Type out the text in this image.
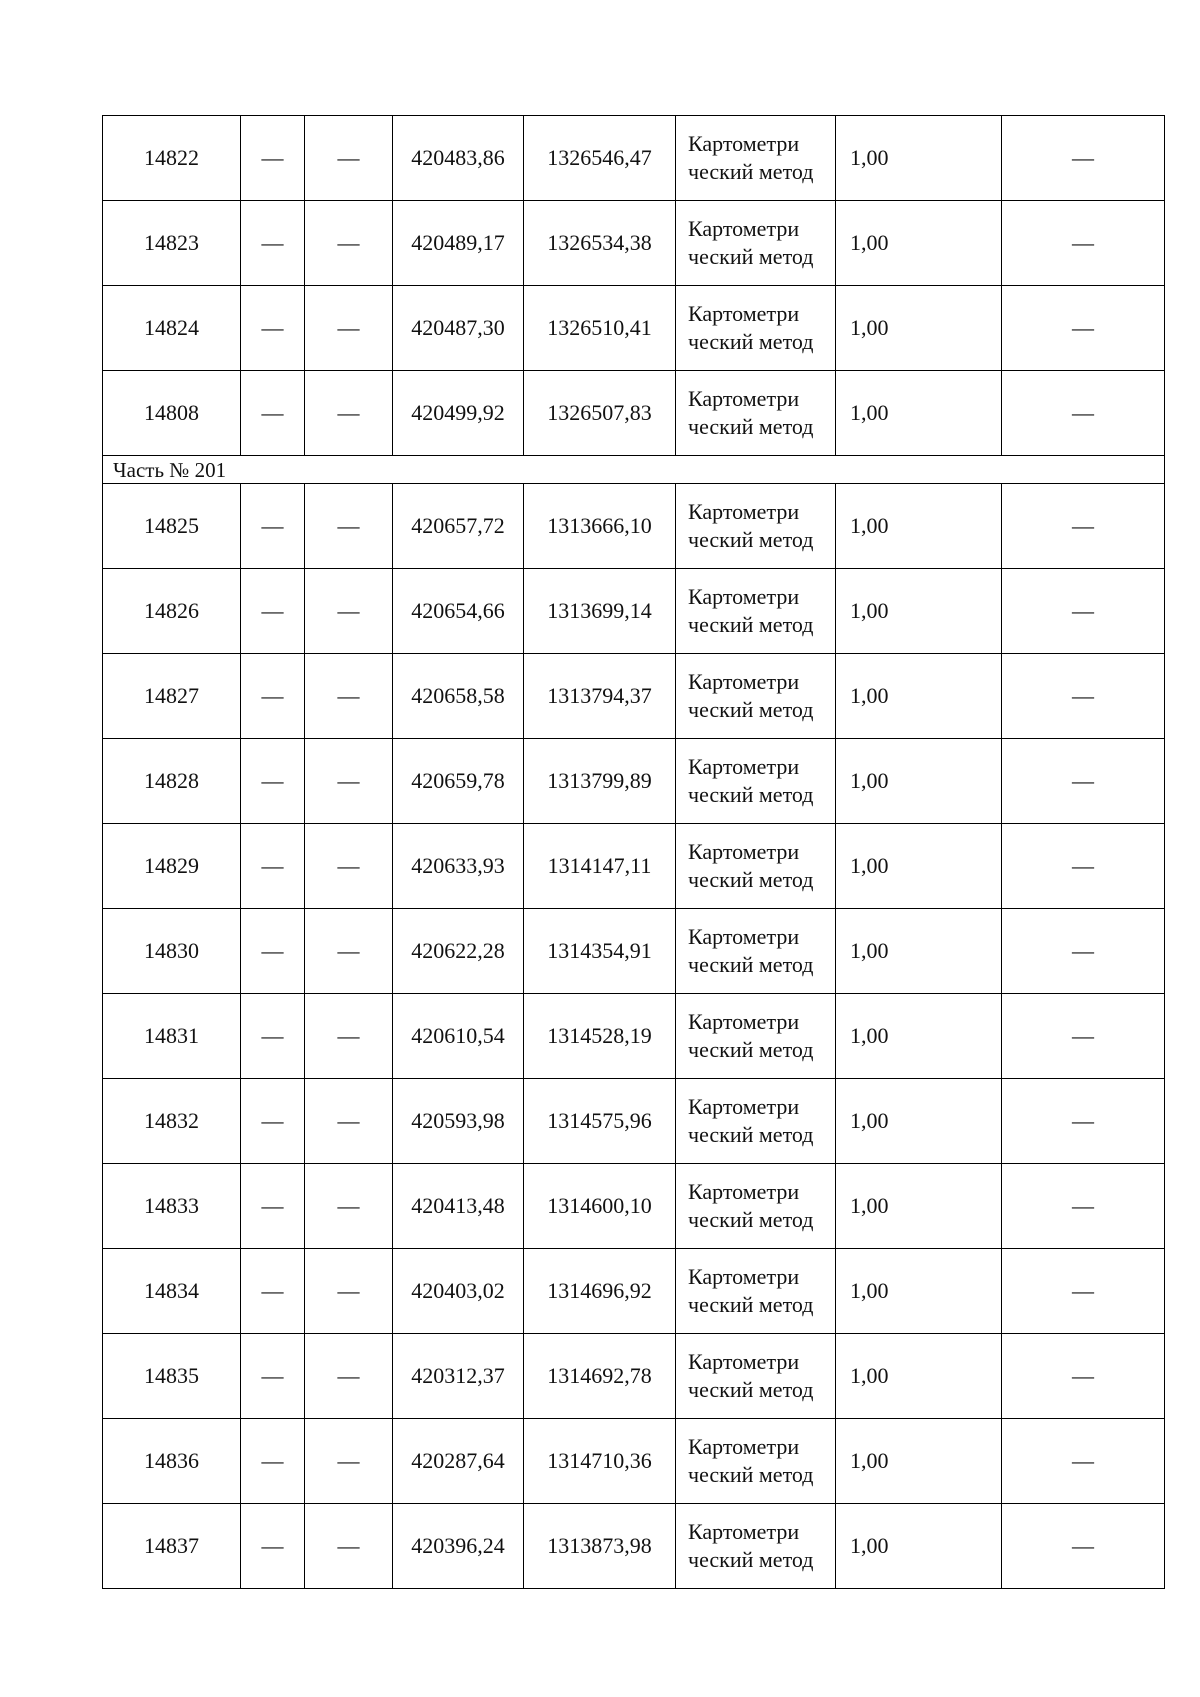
14822	—	—	420483,86	1326546,47	Картометри ческий метод	1,00	—
14823	—	—	420489,17	1326534,38	Картометри ческий метод	1,00	—
14824	—	—	420487,30	1326510,41	Картометри ческий метод	1,00	—
14808	—	—	420499,92	1326507,83	Картометри ческий метод	1,00	—
Часть № 201							
14825	—	—	420657,72	1313666,10	Картометри ческий метод	1,00	—
14826	—	—	420654,66	1313699,14	Картометри ческий метод	1,00	—
14827	—	—	420658,58	1313794,37	Картометри ческий метод	1,00	—
14828	—	—	420659,78	1313799,89	Картометри ческий метод	1,00	—
14829	—	—	420633,93	1314147,11	Картометри ческий метод	1,00	—
14830	—	—	420622,28	1314354,91	Картометри ческий метод	1,00	—
14831	—	—	420610,54	1314528,19	Картометри ческий метод	1,00	—
14832	—	—	420593,98	1314575,96	Картометри ческий метод	1,00	—
14833	—	—	420413,48	1314600,10	Картометри ческий метод	1,00	—
14834	—	—	420403,02	1314696,92	Картометри ческий метод	1,00	—
14835	—	—	420312,37	1314692,78	Картометри ческий метод	1,00	—
14836	—	—	420287,64	1314710,36	Картометри ческий метод	1,00	—
14837	—	—	420396,24	1313873,98	Картометри ческий метод	1,00	—
